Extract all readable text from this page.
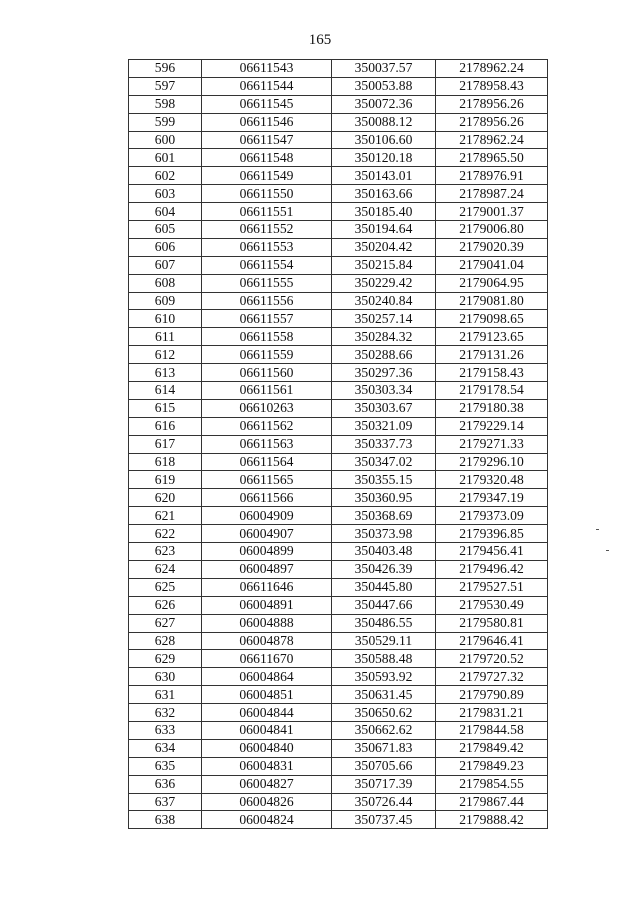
165
596	06611543	350037.57	2178962.24
597	06611544	350053.88	2178958.43
598	06611545	350072.36	2178956.26
599	06611546	350088.12	2178956.26
600	06611547	350106.60	2178962.24
601	06611548	350120.18	2178965.50
602	06611549	350143.01	2178976.91
603	06611550	350163.66	2178987.24
604	06611551	350185.40	2179001.37
605	06611552	350194.64	2179006.80
606	06611553	350204.42	2179020.39
607	06611554	350215.84	2179041.04
608	06611555	350229.42	2179064.95
609	06611556	350240.84	2179081.80
610	06611557	350257.14	2179098.65
611	06611558	350284.32	2179123.65
612	06611559	350288.66	2179131.26
613	06611560	350297.36	2179158.43
614	06611561	350303.34	2179178.54
615	06610263	350303.67	2179180.38
616	06611562	350321.09	2179229.14
617	06611563	350337.73	2179271.33
618	06611564	350347.02	2179296.10
619	06611565	350355.15	2179320.48
620	06611566	350360.95	2179347.19
621	06004909	350368.69	2179373.09
622	06004907	350373.98	2179396.85
623	06004899	350403.48	2179456.41
624	06004897	350426.39	2179496.42
625	06611646	350445.80	2179527.51
626	06004891	350447.66	2179530.49
627	06004888	350486.55	2179580.81
628	06004878	350529.11	2179646.41
629	06611670	350588.48	2179720.52
630	06004864	350593.92	2179727.32
631	06004851	350631.45	2179790.89
632	06004844	350650.62	2179831.21
633	06004841	350662.62	2179844.58
634	06004840	350671.83	2179849.42
635	06004831	350705.66	2179849.23
636	06004827	350717.39	2179854.55
637	06004826	350726.44	2179867.44
638	06004824	350737.45	2179888.42
